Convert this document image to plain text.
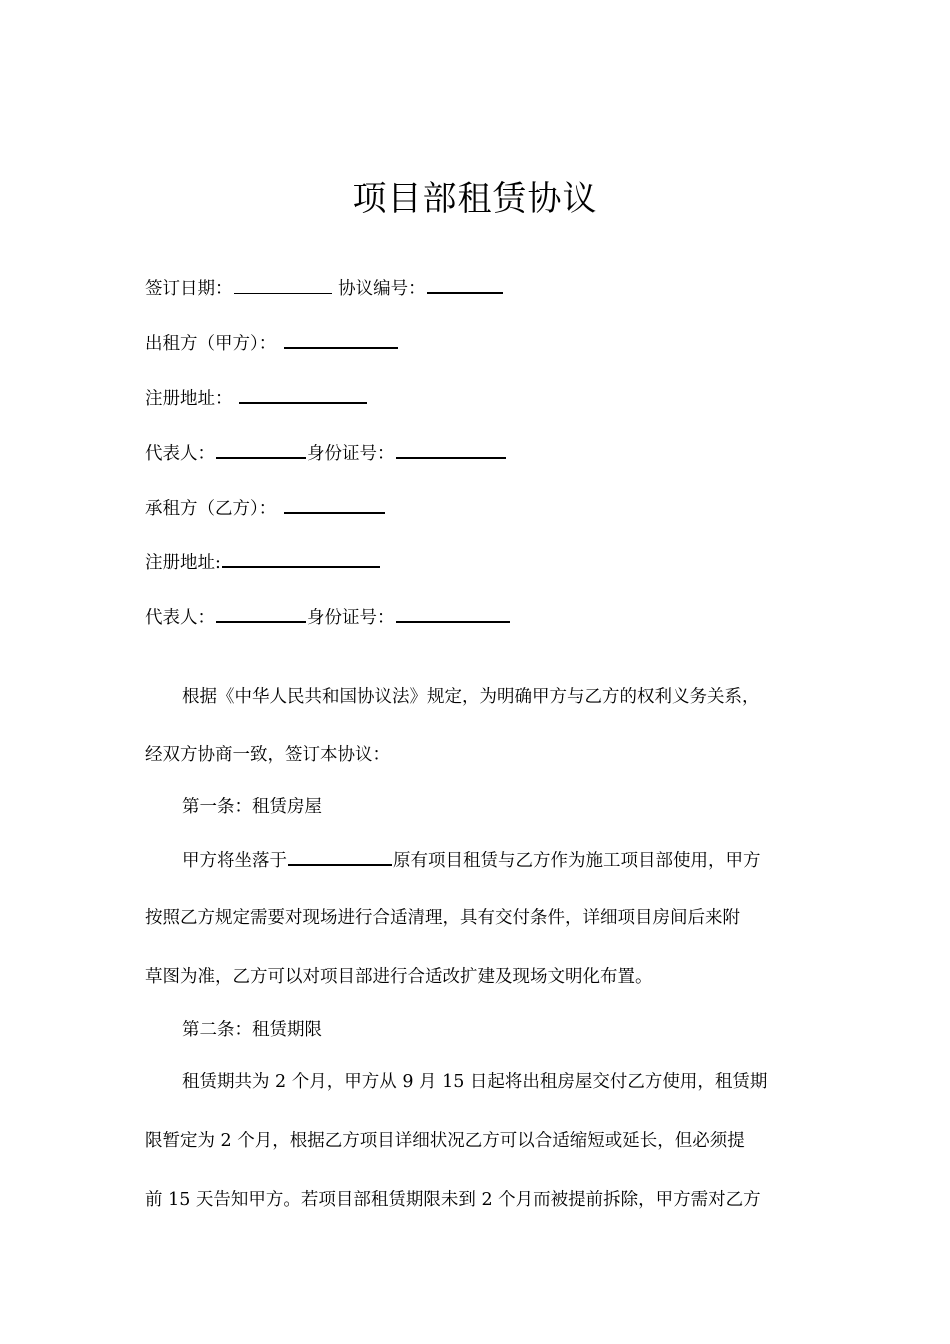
项目部租赁协议
签订日期：	协议编号：
出租方（甲方）：
注册地址：
代表人：	身份证号：
承租方（乙方）：
注册地址:
代表人：	身份证号：
根据《中华人民共和国协议法》规定，为明确甲方与乙方的权利义务关系，
经双方协商一致，签订本协议：
第一条：租赁房屋
甲方将坐落于	原有项目租赁与乙方作为施工项目部使用，甲方
按照乙方规定需要对现场进行合适清理，具有交付条件，详细项目房间后来附
草图为准，乙方可以对项目部进行合适改扩建及现场文明化布置。
第二条：租赁期限
租赁期共为 2 个月，甲方从 9 月 15 日起将出租房屋交付乙方使用，租赁期
限暂定为 2 个月，根据乙方项目详细状况乙方可以合适缩短或延长，但必须提
前 15 天告知甲方。若项目部租赁期限未到 2 个月而被提前拆除，甲方需对乙方
